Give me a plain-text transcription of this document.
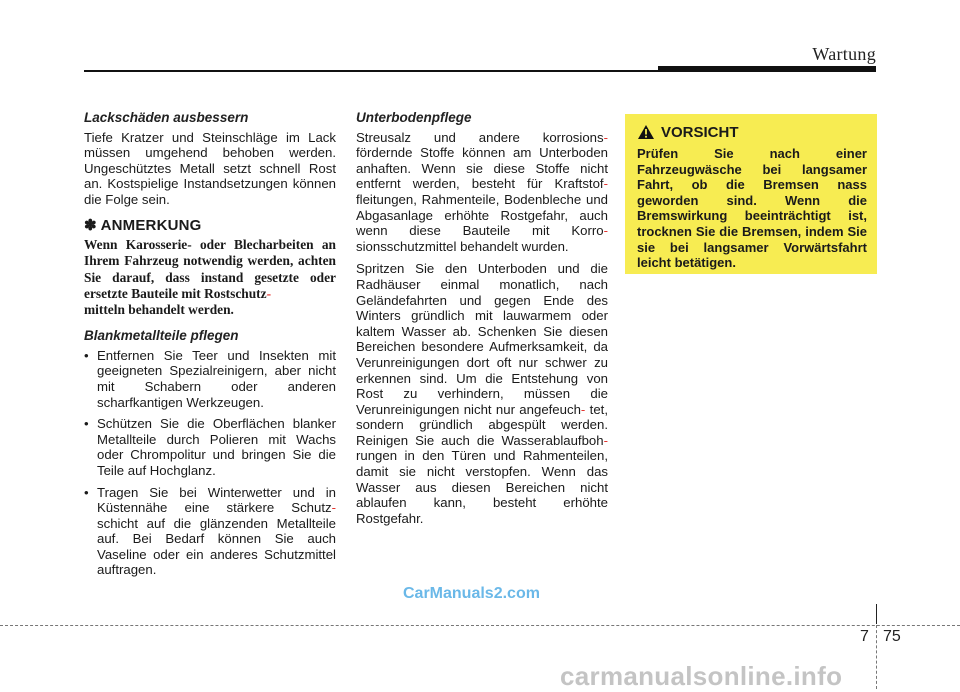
Wartung
Lackschäden ausbessern

Tiefe Kratzer und Steinschläge im Lack müssen umgehend behoben werden. Ungeschütztes Metall setzt schnell Rost an. Kostspielige Instandsetzungen können die Folge sein.

✽ ANMERKUNG
Wenn Karosserie- oder Blecharbeiten an Ihrem Fahrzeug notwendig werden, achten Sie darauf, dass instand gesetzte oder ersetzte Bauteile mit Rostschutz-
mitteln behandelt werden.
Blankmetallteile pflegen
• Entfernen Sie Teer und Insekten mit geeigneten Spezialreinigern, aber nicht mit Schabern oder anderen scharfkantigen Werkzeugen.
• Schützen Sie die Oberflächen blanker Metallteile durch Polieren mit Wachs oder Chrompolitur und bringen Sie die Teile auf Hochglanz.
• Tragen Sie bei Winterwetter und in Küstennähe eine stärkere Schutz- schicht auf die glänzenden Metallteile auf. Bei Bedarf können Sie auch Vaseline oder ein anderes Schutzmittel auftragen.
Unterbodenpflege

Streusalz und andere korrosions- fördernde Stoffe können am Unterboden anhaften. Wenn sie diese Stoffe nicht entfernt werden, besteht für Kraftstof- fleitungen, Rahmenteile, Bodenbleche und Abgasanlage erhöhte Rostgefahr, auch wenn diese Bauteile mit Korro- sionsschutzmittel behandelt wurden.

Spritzen Sie den Unterboden und die Radhäuser einmal monatlich, nach Geländefahrten und gegen Ende des Winters gründlich mit lauwarmem oder kaltem Wasser ab. Schenken Sie diesen Bereichen besondere Aufmerksamkeit, da Verunreinigungen dort oft nur schwer zu erkennen sind. Um die Entstehung von Rost zu verhindern, müssen die Verunreinigungen nicht nur angefeuch- tet, sondern gründlich abgespült werden. Reinigen Sie auch die Wasserablaufboh- rungen in den Türen und Rahmenteilen, damit sie nicht verstopfen. Wenn das Wasser aus diesen Bereichen nicht ablaufen kann, besteht erhöhte Rostgefahr.

VORSICHT
Prüfen Sie nach einer Fahrzeugwäsche bei langsamer Fahrt, ob die Bremsen nass geworden sind. Wenn die Bremswirkung beeinträchtigt ist, trocknen Sie die Bremsen, indem Sie sie bei langsamer Vorwärtsfahrt leicht betätigen.
CarManuals2.com
7 75
carmanualsonline.info
